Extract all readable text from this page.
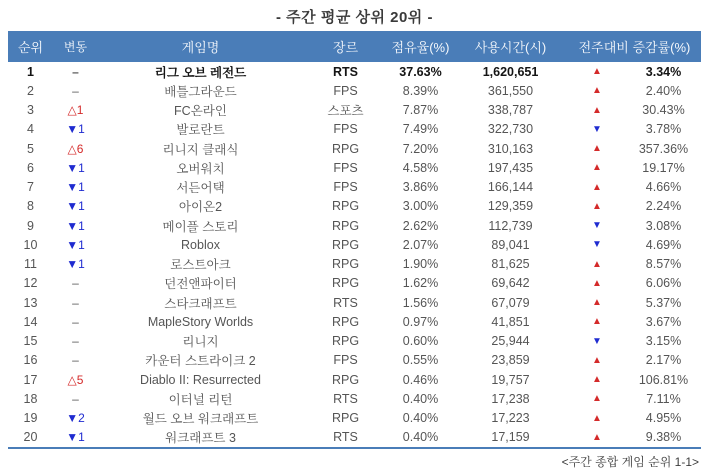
- 주간 평균 상위 20위 -
순위	변동	게임명	장르	점유율(%)	사용시간(시)	전주대비 증감률(%)
1	–	리그 오브 레전드	RTS	37.63%	1,620,651	▲	3.34%
2	–	배틀그라운드	FPS	8.39%	361,550	▲	2.40%
3	△1	FC온라인	스포츠	7.87%	338,787	▲	30.43%
4	▼1	발로란트	FPS	7.49%	322,730	▼	3.78%
5	△6	리니지 클래식	RPG	7.20%	310,163	▲	357.36%
6	▼1	오버워치	FPS	4.58%	197,435	▲	19.17%
7	▼1	서든어택	FPS	3.86%	166,144	▲	4.66%
8	▼1	아이온2	RPG	3.00%	129,359	▲	2.24%
9	▼1	메이플 스토리	RPG	2.62%	112,739	▼	3.08%
10	▼1	Roblox	RPG	2.07%	89,041	▼	4.69%
11	▼1	로스트아크	RPG	1.90%	81,625	▲	8.57%
12	–	던전앤파이터	RPG	1.62%	69,642	▲	6.06%
13	–	스타크래프트	RTS	1.56%	67,079	▲	5.37%
14	–	MapleStory Worlds	RPG	0.97%	41,851	▲	3.67%
15	–	리니지	RPG	0.60%	25,944	▼	3.15%
16	–	카운터 스트라이크 2	FPS	0.55%	23,859	▲	2.17%
17	△5	Diablo II: Resurrected	RPG	0.46%	19,757	▲	106.81%
18	–	이터널 리턴	RTS	0.40%	17,238	▲	7.11%
19	▼2	월드 오브 워크래프트	RPG	0.40%	17,223	▲	4.95%
20	▼1	워크래프트 3	RTS	0.40%	17,159	▲	9.38%
<주간 종합 게임 순위 1-1>
